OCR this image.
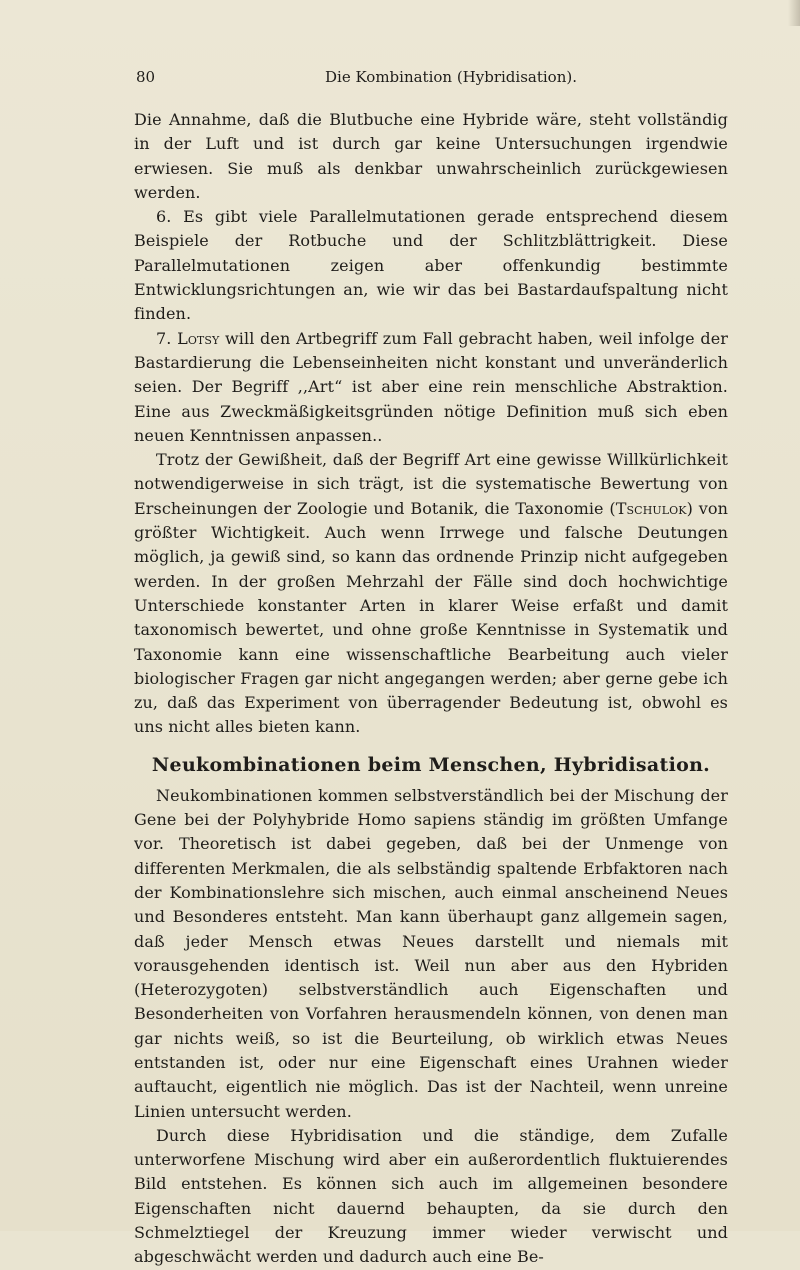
80	Die Kombination (Hybridisation).

Die Annahme, daß die Blutbuche eine Hybride wäre, steht vollständig in der Luft und ist durch gar keine Untersuchungen irgendwie erwiesen. Sie muß als denkbar unwahrscheinlich zurückgewiesen werden.

6. Es gibt viele Parallelmutationen gerade entsprechend diesem Beispiele der Rotbuche und der Schlitzblättrigkeit. Diese Parallelmutationen zeigen aber offenkundig bestimmte Entwicklungsrichtungen an, wie wir das bei Bastardaufspaltung nicht finden.

7. Lotsy will den Artbegriff zum Fall gebracht haben, weil infolge der Bastardierung die Lebenseinheiten nicht konstant und unveränderlich seien. Der Begriff ,,Art“ ist aber eine rein menschliche Abstraktion. Eine aus Zweckmäßigkeitsgründen nötige Definition muß sich eben neuen Kenntnissen anpassen..

Trotz der Gewißheit, daß der Begriff Art eine gewisse Willkürlichkeit notwendigerweise in sich trägt, ist die systematische Bewertung von Erscheinungen der Zoologie und Botanik, die Taxonomie (Tschulok) von größter Wichtigkeit. Auch wenn Irrwege und falsche Deutungen möglich, ja gewiß sind, so kann das ordnende Prinzip nicht aufgegeben werden. In der großen Mehrzahl der Fälle sind doch hochwichtige Unterschiede konstanter Arten in klarer Weise erfaßt und damit taxonomisch bewertet, und ohne große Kenntnisse in Systematik und Taxonomie kann eine wissenschaftliche Bearbeitung auch vieler biologischer Fragen gar nicht angegangen werden; aber gerne gebe ich zu, daß das Experiment von überragender Bedeutung ist, obwohl es uns nicht alles bieten kann.

Neukombinationen beim Menschen, Hybridisation.

Neukombinationen kommen selbstverständlich bei der Mischung der Gene bei der Polyhybride Homo sapiens ständig im größten Umfange vor. Theoretisch ist dabei gegeben, daß bei der Unmenge von differenten Merkmalen, die als selbständig spaltende Erbfaktoren nach der Kombinationslehre sich mischen, auch einmal anscheinend Neues und Besonderes entsteht. Man kann überhaupt ganz allgemein sagen, daß jeder Mensch etwas Neues darstellt und niemals mit vorausgehenden identisch ist. Weil nun aber aus den Hybriden (Heterozygoten) selbstverständlich auch Eigenschaften und Besonderheiten von Vorfahren herausmendeln können, von denen man gar nichts weiß, so ist die Beurteilung, ob wirklich etwas Neues entstanden ist, oder nur eine Eigenschaft eines Urahnen wieder auftaucht, eigentlich nie möglich. Das ist der Nachteil, wenn unreine Linien untersucht werden.

Durch diese Hybridisation und die ständige, dem Zufalle unterworfene Mischung wird aber ein außerordentlich fluktuierendes Bild entstehen. Es können sich auch im allgemeinen besondere Eigenschaften nicht dauernd behaupten, da sie durch den Schmelztiegel der Kreuzung immer wieder verwischt und abgeschwächt werden und dadurch auch eine Be-
